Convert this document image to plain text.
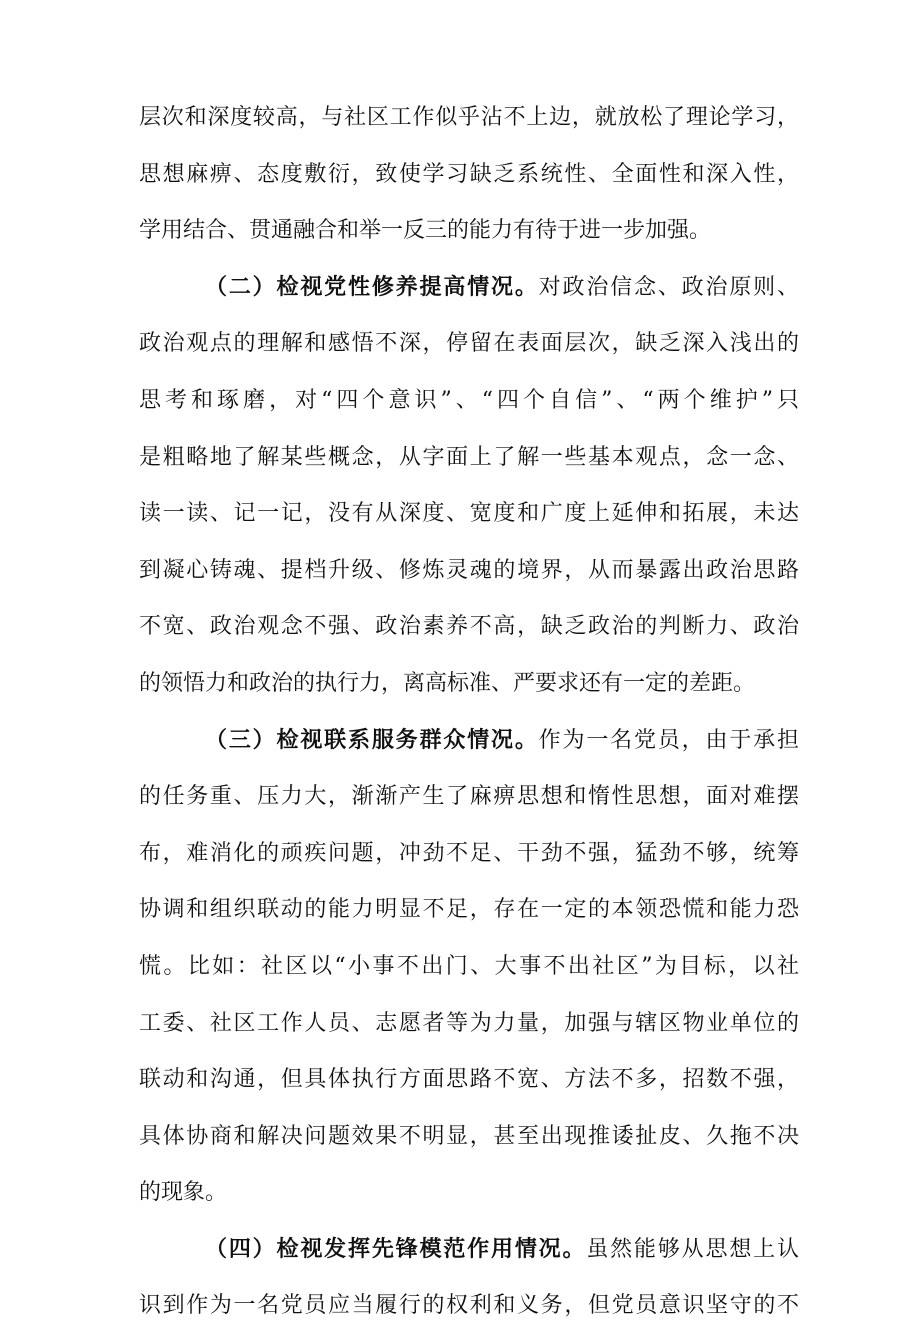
层次和深度较高，与社区工作似乎沾不上边，就放松了理论学习，
思想麻痹、态度敷衍，致使学习缺乏系统性、全面性和深入性，
学用结合、贯通融合和举一反三的能力有待于进一步加强。
（二）检视党性修养提高情况。对政治信念、政治原则、
政治观点的理解和感悟不深，停留在表面层次，缺乏深入浅出的
思考和琢磨，对“四个意识”、“四个自信”、“两个维护”只
是粗略地了解某些概念，从字面上了解一些基本观点，念一念、
读一读、记一记，没有从深度、宽度和广度上延伸和拓展，未达
到凝心铸魂、提档升级、修炼灵魂的境界，从而暴露出政治思路
不宽、政治观念不强、政治素养不高，缺乏政治的判断力、政治
的领悟力和政治的执行力，离高标准、严要求还有一定的差距。
（三）检视联系服务群众情况。作为一名党员，由于承担
的任务重、压力大，渐渐产生了麻痹思想和惰性思想，面对难摆
布，难消化的顽疾问题，冲劲不足、干劲不强，猛劲不够，统筹
协调和组织联动的能力明显不足，存在一定的本领恐慌和能力恐
慌。比如：社区以“小事不出门、大事不出社区”为目标，以社
工委、社区工作人员、志愿者等为力量，加强与辖区物业单位的
联动和沟通，但具体执行方面思路不宽、方法不多，招数不强，
具体协商和解决问题效果不明显，甚至出现推诿扯皮、久拖不决
的现象。
（四）检视发挥先锋模范作用情况。虽然能够从思想上认
识到作为一名党员应当履行的权利和义务，但党员意识坚守的不
